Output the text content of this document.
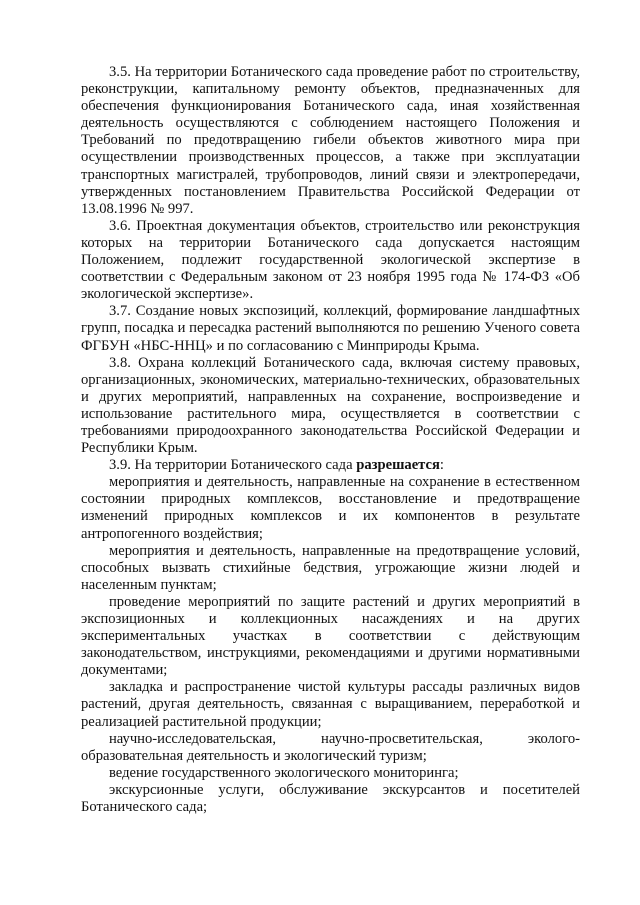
3.5. На территории Ботанического сада проведение работ по строительству, реконструкции, капитальному ремонту объектов, предназначенных для обеспечения функционирования Ботанического сада, иная хозяйственная деятельность осуществляются с соблюдением настоящего Положения и Требований по предотвращению гибели объектов животного мира при осуществлении производственных процессов, а также при эксплуатации транспортных магистралей, трубопроводов, линий связи и электропередачи, утвержденных постановлением Правительства Российской Федерации от 13.08.1996 № 997.

3.6. Проектная документация объектов, строительство или реконструкция которых на территории Ботанического сада допускается настоящим Положением, подлежит государственной экологической экспертизе в соответствии с Федеральным законом от 23 ноября 1995 года № 174-ФЗ «Об экологической экспертизе».

3.7. Создание новых экспозиций, коллекций, формирование ландшафтных групп, посадка и пересадка растений выполняются по решению Ученого совета ФГБУН «НБС-ННЦ» и по согласованию с Минприроды Крыма.

3.8. Охрана коллекций Ботанического сада, включая систему правовых, организационных, экономических, материально-технических, образовательных и других мероприятий, направленных на сохранение, воспроизведение и использование растительного мира, осуществляется в соответствии с требованиями природоохранного законодательства Российской Федерации и Республики Крым.

3.9. На территории Ботанического сада разрешается:

мероприятия и деятельность, направленные на сохранение в естественном состоянии природных комплексов, восстановление и предотвращение изменений природных комплексов и их компонентов в результате антропогенного воздействия;

мероприятия и деятельность, направленные на предотвращение условий, способных вызвать стихийные бедствия, угрожающие жизни людей и населенным пунктам;

проведение мероприятий по защите растений и других мероприятий в экспозиционных и коллекционных насаждениях и на других экспериментальных участках в соответствии с действующим законодательством, инструкциями, рекомендациями и другими нормативными документами;

закладка и распространение чистой культуры рассады различных видов растений, другая деятельность, связанная с выращиванием, переработкой и реализацией растительной продукции;

научно-исследовательская, научно-просветительская, эколого-образовательная деятельность и экологический туризм;

ведение государственного экологического мониторинга;

экскурсионные услуги, обслуживание экскурсантов и посетителей Ботанического сада;
